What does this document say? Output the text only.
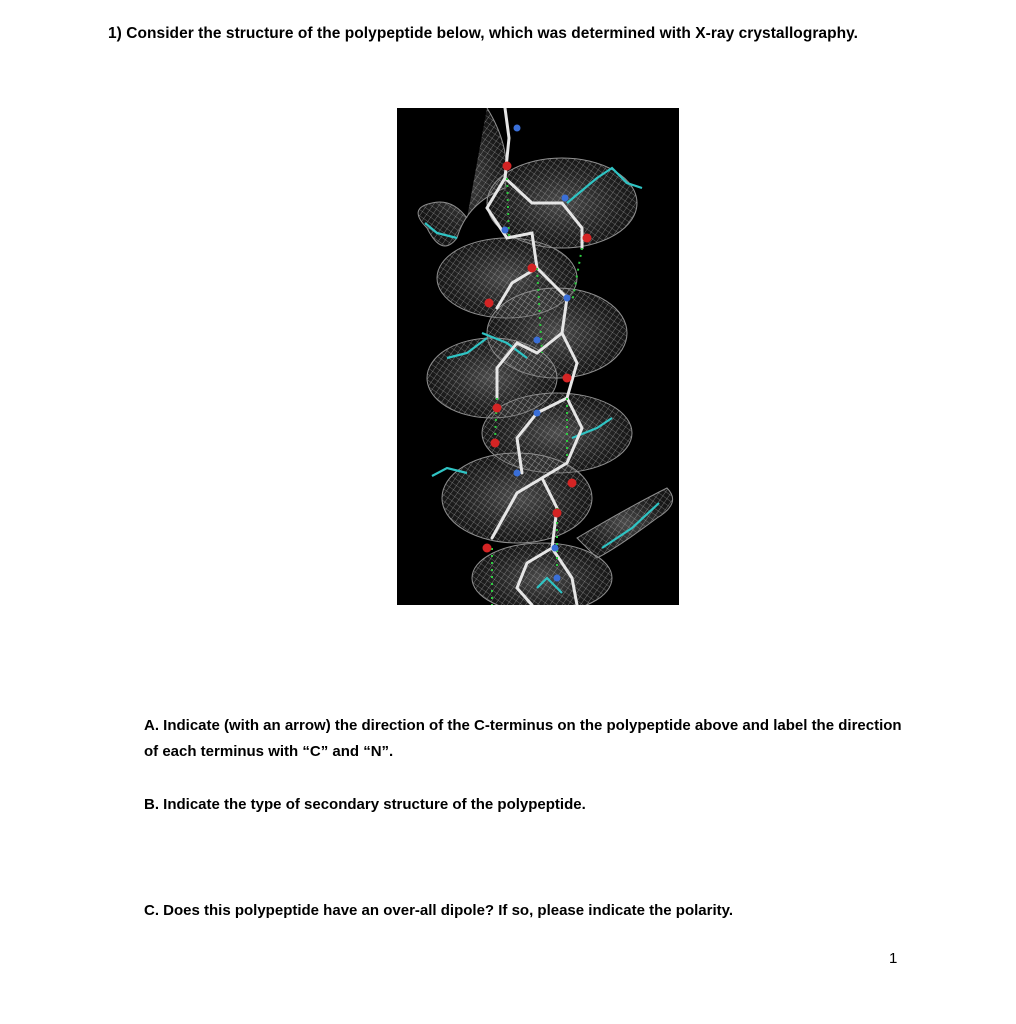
1) Consider the structure of the polypeptide below, which was determined with X-ray crystallography.
A. Indicate (with an arrow) the direction of the C-terminus on the polypeptide above and label the direction of each terminus with “C” and “N”.
B. Indicate the type of secondary structure of the polypeptide.
C. Does this polypeptide have an over-all dipole? If so, please indicate the polarity.
1
